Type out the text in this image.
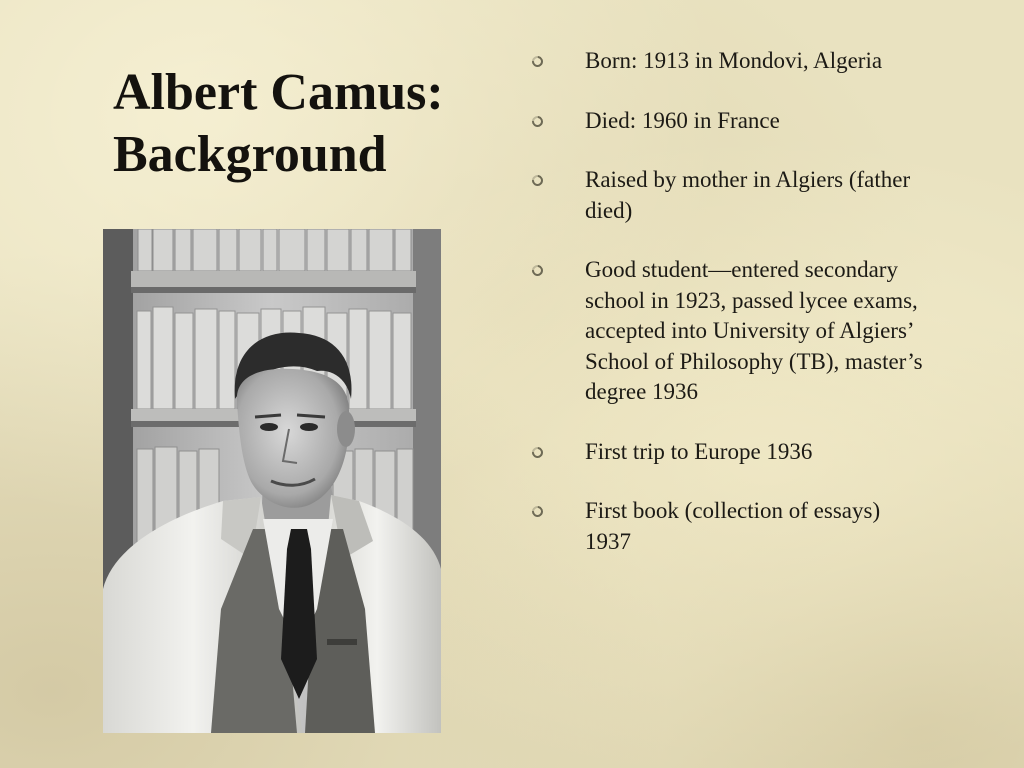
Albert Camus:
Background
Born: 1913 in Mondovi, Algeria
Died: 1960 in France
Raised by mother in Algiers (father died)
Good student—entered secondary school in 1923, passed lycee exams, accepted into University of Algiers’ School of Philosophy (TB), master’s degree 1936
First trip to Europe 1936
First book (collection of essays) 1937
